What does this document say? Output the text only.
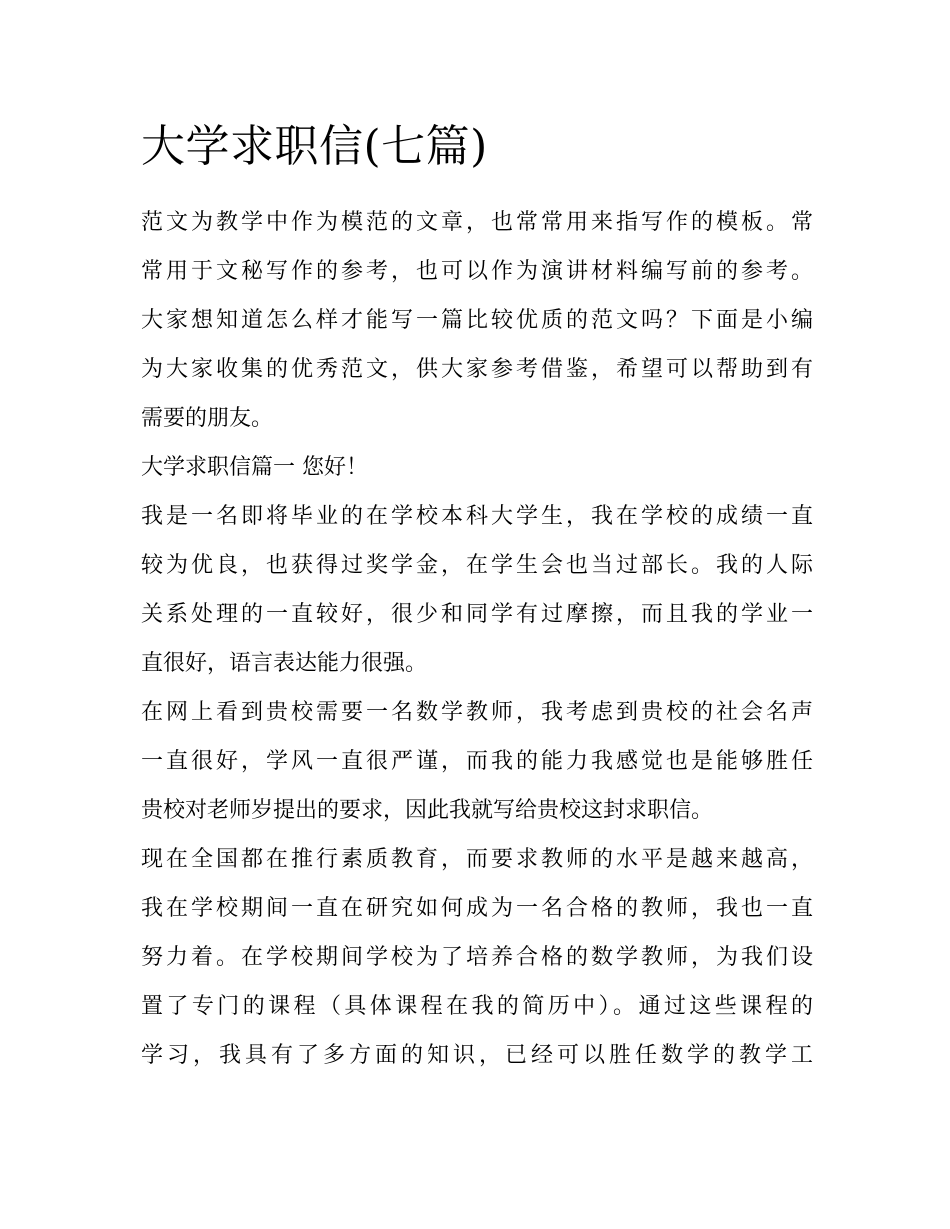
大学求职信(七篇)
范文为教学中作为模范的文章，也常常用来指写作的模板。常
常用于文秘写作的参考，也可以作为演讲材料编写前的参考。
大家想知道怎么样才能写一篇比较优质的范文吗？下面是小编
为大家收集的优秀范文，供大家参考借鉴，希望可以帮助到有
需要的朋友。
大学求职信篇一 您好！
我是一名即将毕业的在学校本科大学生，我在学校的成绩一直
较为优良，也获得过奖学金，在学生会也当过部长。我的人际
关系处理的一直较好，很少和同学有过摩擦，而且我的学业一
直很好，语言表达能力很强。
在网上看到贵校需要一名数学教师，我考虑到贵校的社会名声
一直很好，学风一直很严谨，而我的能力我感觉也是能够胜任
贵校对老师岁提出的要求，因此我就写给贵校这封求职信。
现在全国都在推行素质教育，而要求教师的水平是越来越高，
我在学校期间一直在研究如何成为一名合格的教师，我也一直
努力着。在学校期间学校为了培养合格的数学教师，为我们设
置了专门的课程（具体课程在我的简历中）。通过这些课程的
学习，我具有了多方面的知识，已经可以胜任数学的教学工
